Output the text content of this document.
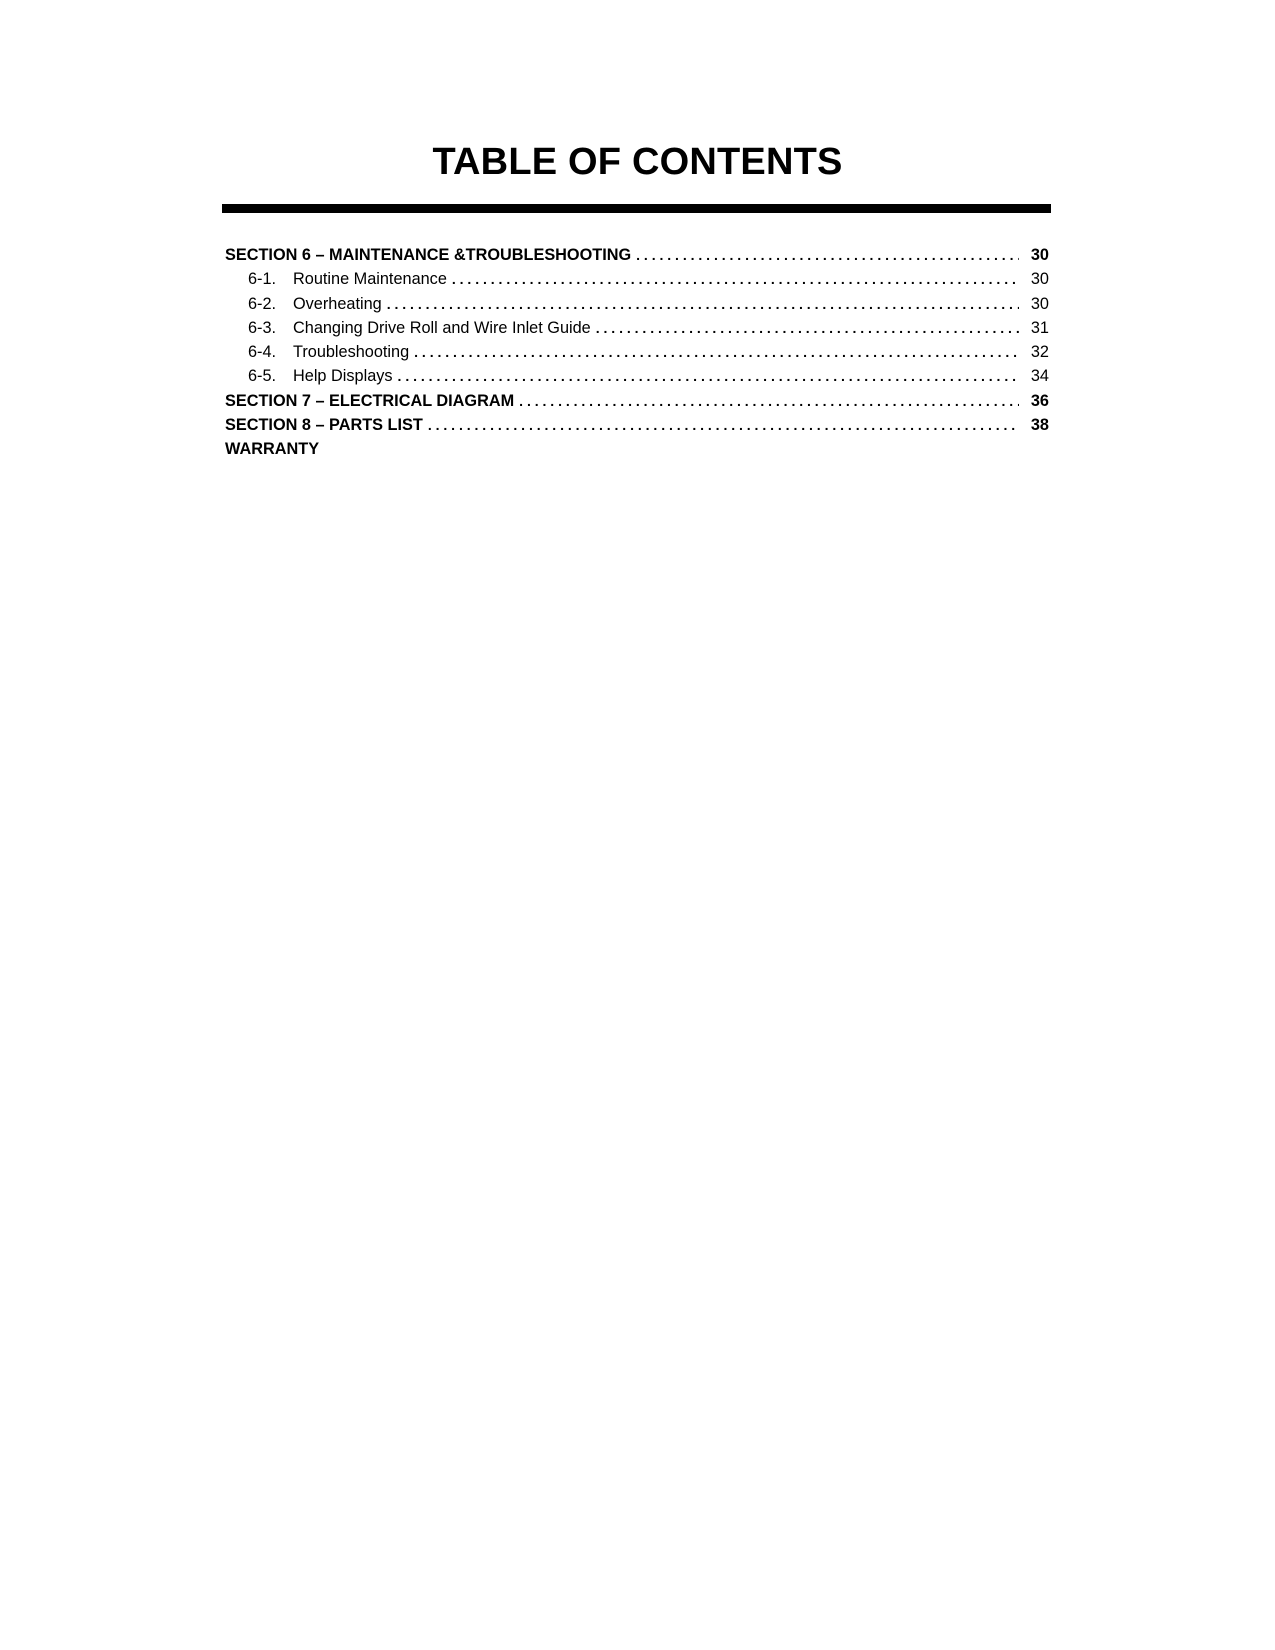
TABLE OF CONTENTS
SECTION 6 – MAINTENANCE &TROUBLESHOOTING . . .	30
6-1.	Routine Maintenance . . .	30
6-2.	Overheating . . .	30
6-3.	Changing Drive Roll and Wire Inlet Guide . . .	31
6-4.	Troubleshooting . . .	32
6-5.	Help Displays . . .	34
SECTION 7 – ELECTRICAL DIAGRAM . . .	36
SECTION 8 – PARTS LIST . . .	38
WARRANTY
